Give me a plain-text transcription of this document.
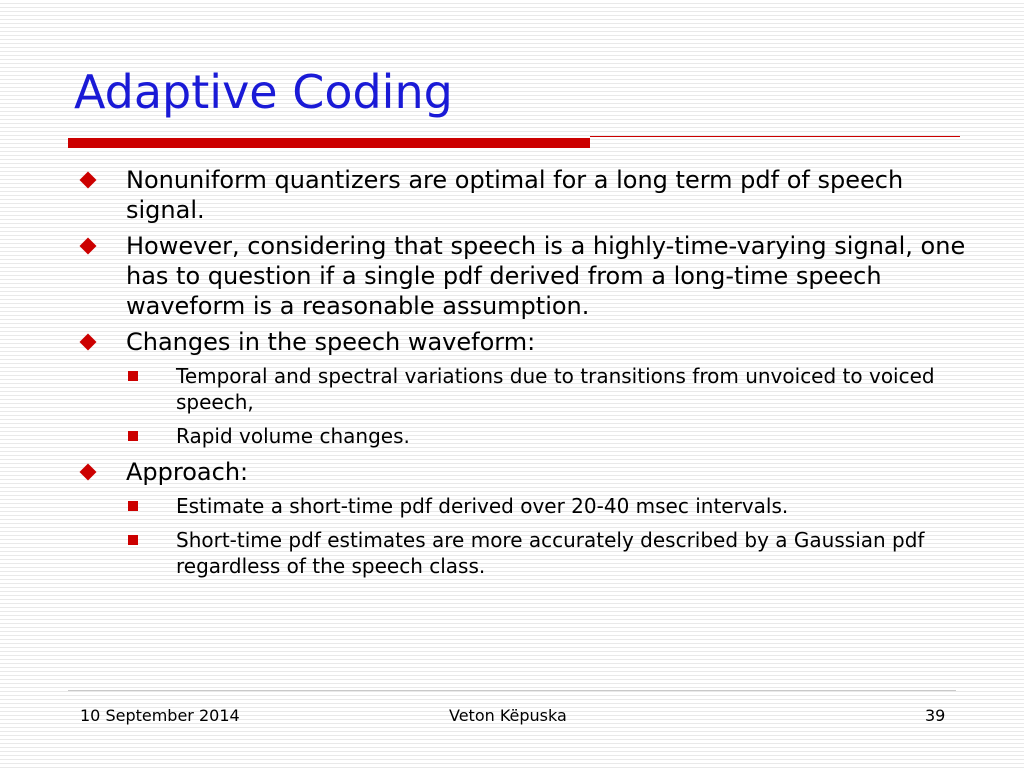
Adaptive Coding
Nonuniform quantizers are optimal for a long term pdf of speech signal.
However, considering that speech is a highly-time-varying signal, one has to question if a single pdf derived from a long-time speech waveform is a reasonable assumption.
Changes in the speech waveform:
Temporal and spectral variations due to transitions from unvoiced to voiced speech,
Rapid volume changes.
Approach:
Estimate a short-time pdf derived over 20-40 msec intervals.
Short-time pdf estimates are more accurately described by a Gaussian pdf regardless of the speech class.
10 September 2014	Veton Këpuska	39
